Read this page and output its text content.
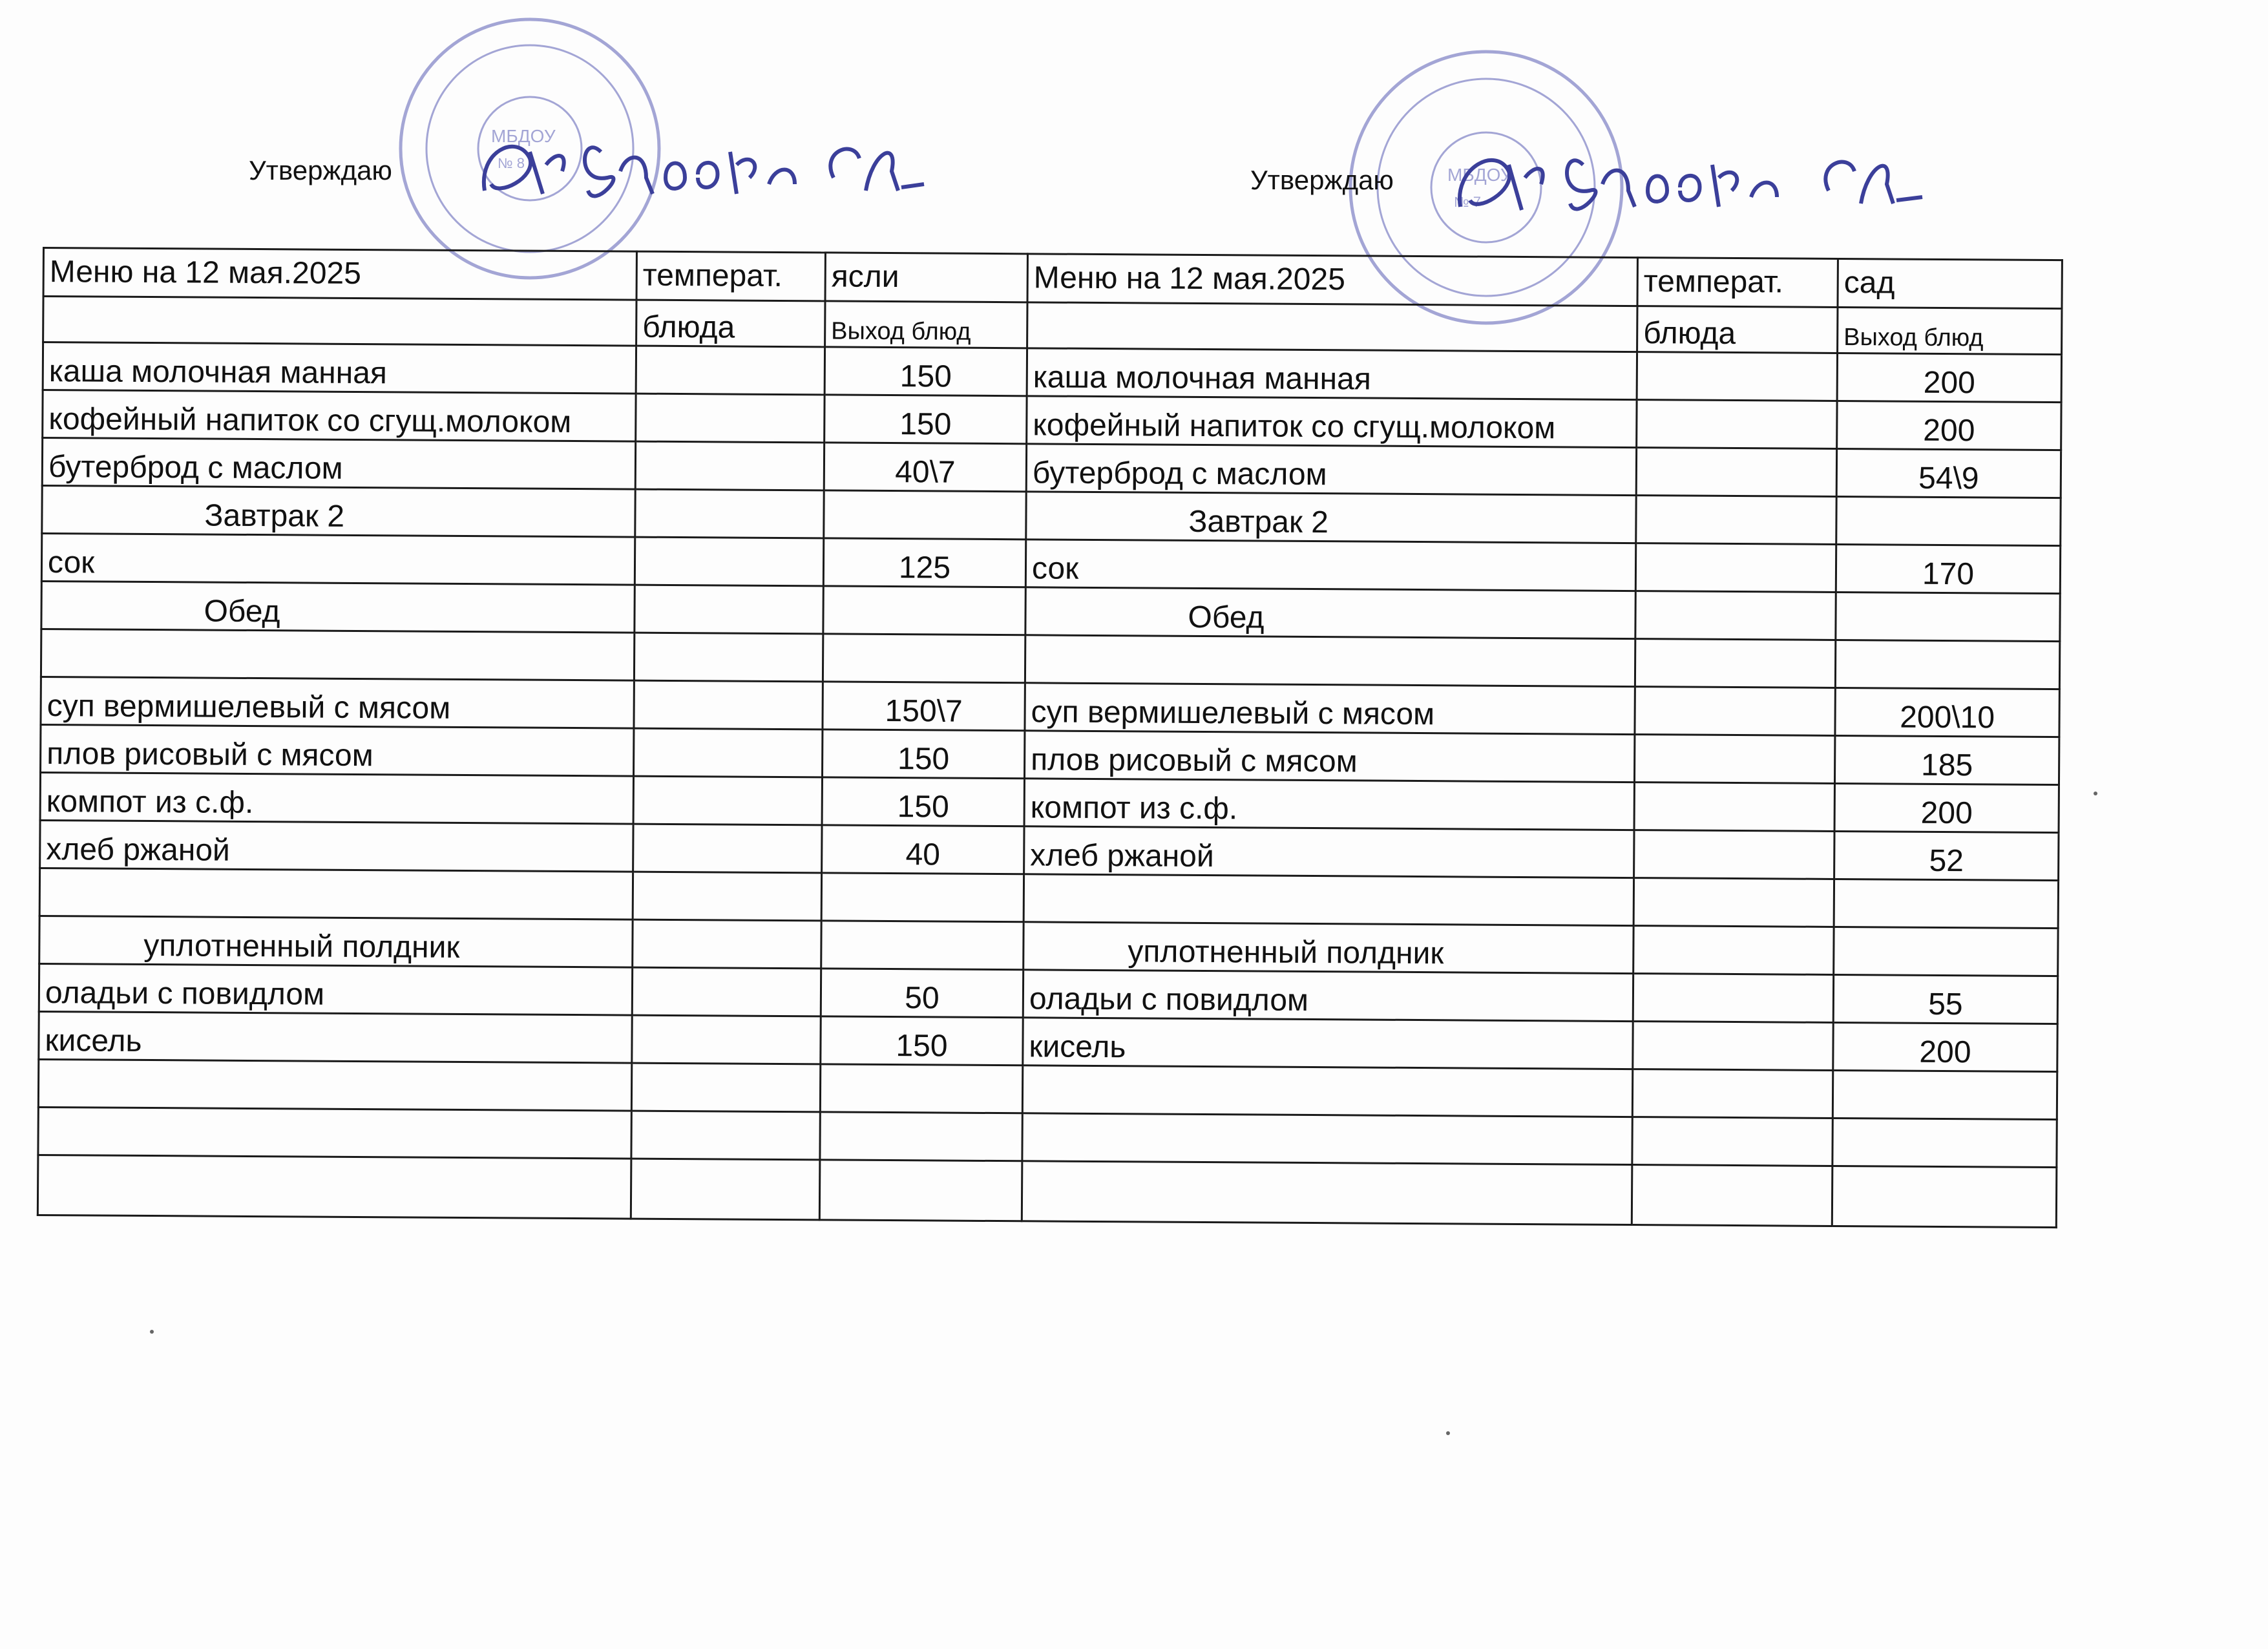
МБДОУ
№ 8
МБДОУ
№ 7
Утверждаю	Утверждаю
Меню на 12 мая.2025	температ.	ясли	Меню на 12 мая.2025	температ.	сад
	блюда	Выход блюд		блюда	Выход блюд
каша молочная манная		150	каша молочная манная		200
кофейный напиток со сгущ.молоком		150	кофейный напиток со сгущ.молоком		200
бутерброд с маслом		40\7	бутерброд с маслом		54\9
Завтрак 2			Завтрак 2		
сок		125	сок		170
Обед			Обед		

суп вермишелевый с мясом		150\7	суп вермишелевый с мясом		200\10
плов рисовый с мясом		150	плов рисовый с мясом		185
компот из с.ф.		150	компот из с.ф.		200
хлеб ржаной		40	хлеб ржаной		52

уплотненный полдник			уплотненный полдник		
оладьи с повидлом		50	оладьи с повидлом		55
кисель		150	кисель		200
